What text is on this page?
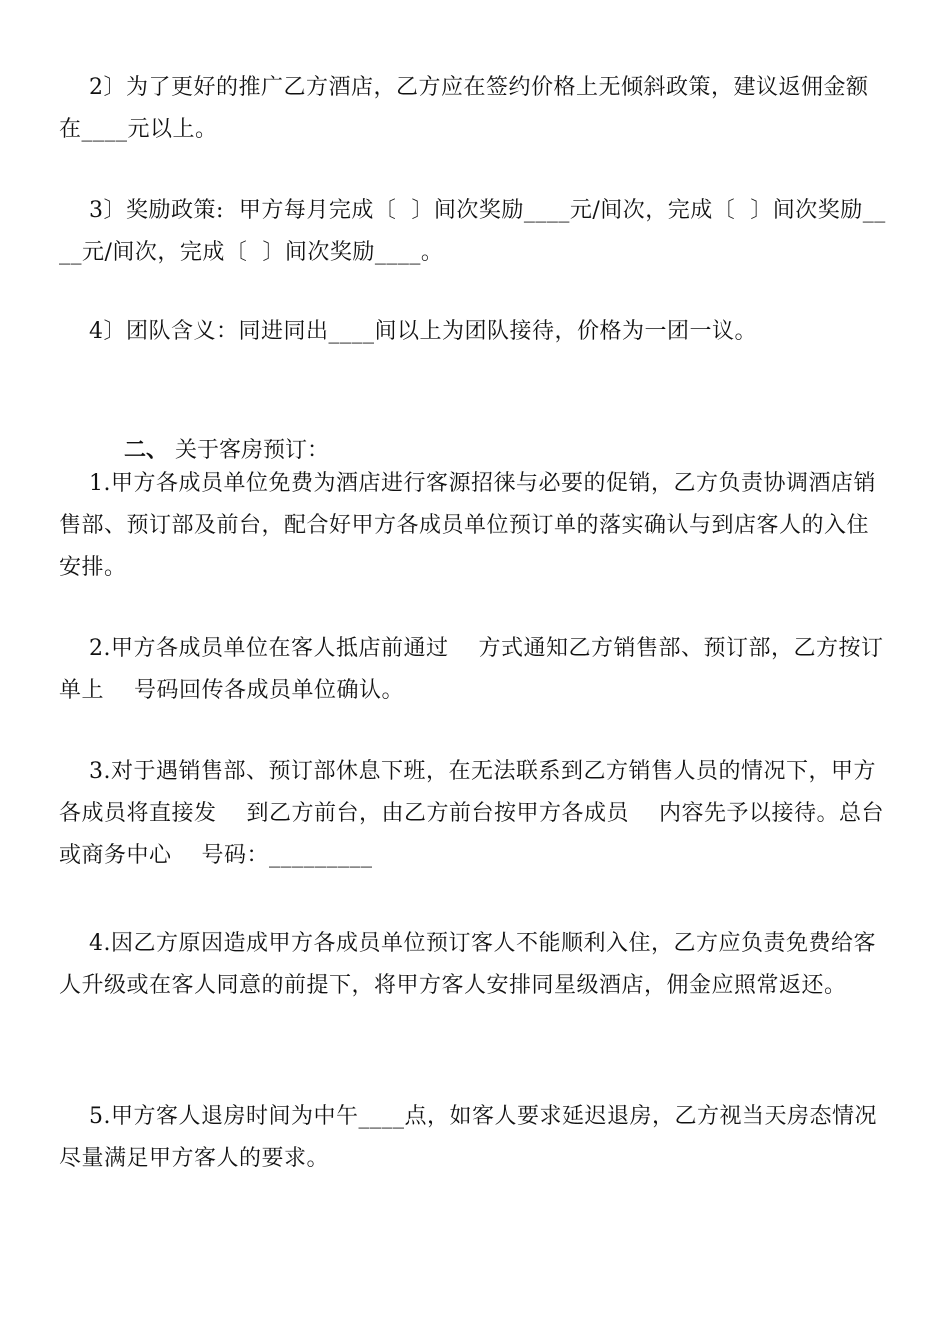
2〕为了更好的推广乙方酒店，乙方应在签约价格上无倾斜政策，建议返佣金额在____元以上。

3〕奖励政策:  甲方每月完成〔  〕间次奖励____元/间次，完成〔  〕间次奖励____元/间次，完成〔  〕间次奖励____。

4〕团队含义：同进同出____间以上为团队接待，价格为一团一议。

二、 关于客房预订：

1.甲方各成员单位免费为酒店进行客源招徕与必要的促销，乙方负责协调酒店销售部、预订部及前台，配合好甲方各成员单位预订单的落实确认与到店客人的入住安排。

2.甲方各成员单位在客人抵店前通过    方式通知乙方销售部、预订部，乙方按订单上    号码回传各成员单位确认。

3.对于遇销售部、预订部休息下班，在无法联系到乙方销售人员的情况下，甲方各成员将直接发    到乙方前台，由乙方前台按甲方各成员    内容先予以接待。总台或商务中心    号码：_________

4.因乙方原因造成甲方各成员单位预订客人不能顺利入住，乙方应负责免费给客人升级或在客人同意的前提下，将甲方客人安排同星级酒店，佣金应照常返还。

5.甲方客人退房时间为中午____点，如客人要求延迟退房，乙方视当天房态情况尽量满足甲方客人的要求。
